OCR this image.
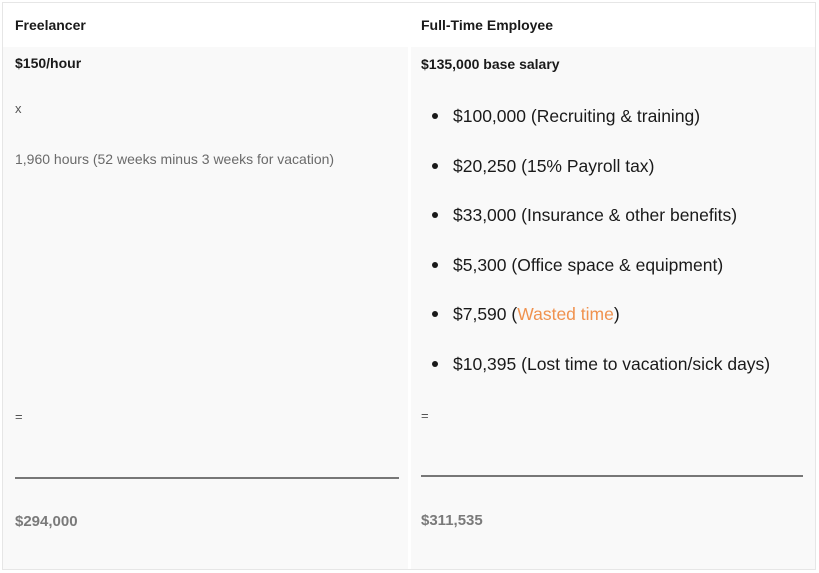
Freelancer	Full-Time Employee
$150/hour
x
1,960 hours (52 weeks minus 3 weeks for vacation)
=
$294,000
$135,000 base salary
$100,000 (Recruiting & training)
$20,250 (15% Payroll tax)
$33,000 (Insurance & other benefits)
$5,300 (Office space & equipment)
$7,590 (Wasted time)
$10,395 (Lost time to vacation/sick days)
=
$311,535
